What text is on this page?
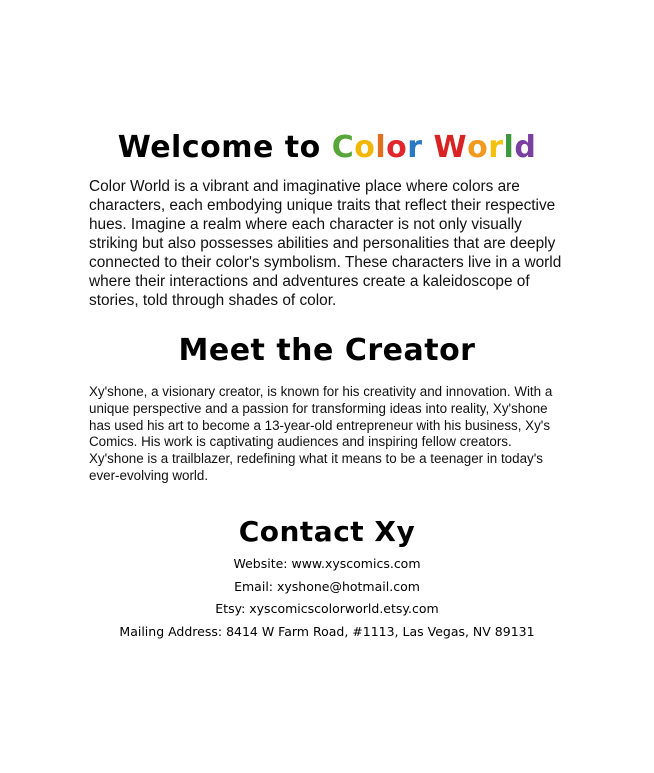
Welcome to Color World

Color World is a vibrant and imaginative place where colors are characters, each embodying unique traits that reflect their respective hues. Imagine a realm where each character is not only visually striking but also possesses abilities and personalities that are deeply connected to their color's symbolism. These characters live in a world where their interactions and adventures create a kaleidoscope of stories, told through shades of color.

Meet the Creator

Xy'shone, a visionary creator, is known for his creativity and innovation. With a unique perspective and a passion for transforming ideas into reality, Xy'shone has used his art to become a 13-year-old entrepreneur with his business, Xy's Comics. His work is captivating audiences and inspiring fellow creators. Xy'shone is a trailblazer, redefining what it means to be a teenager in today's ever-evolving world.

Contact Xy
Website: www.xyscomics.com
Email: xyshone@hotmail.com
Etsy: xyscomicscolorworld.etsy.com
Mailing Address: 8414 W Farm Road, #1113, Las Vegas, NV 89131
